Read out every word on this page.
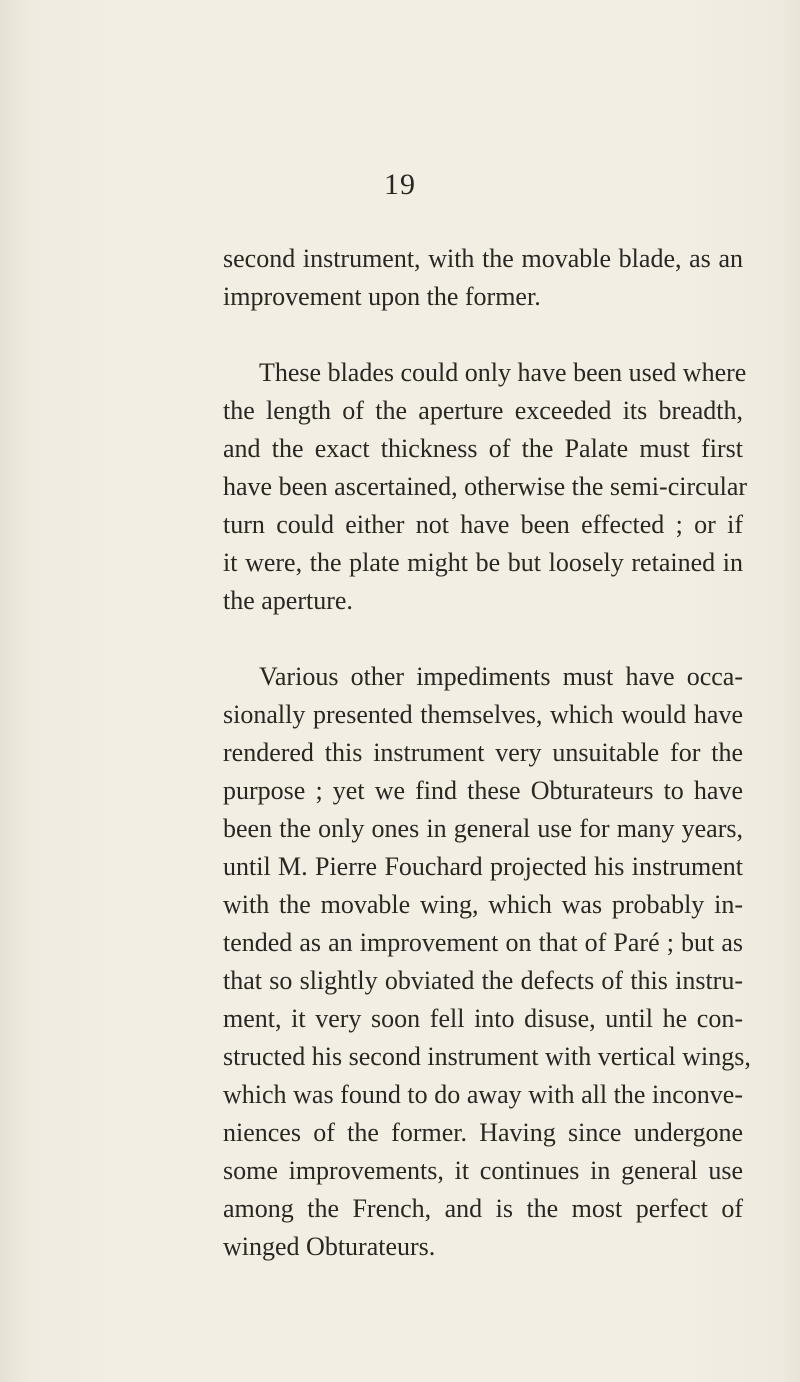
19
second instrument, with the movable blade, as an
improvement upon the former.
These blades could only have been used where
the length of the aperture exceeded its breadth,
and the exact thickness of the Palate must first
have been ascertained, otherwise the semi-circular
turn could either not have been effected ; or if
it were, the plate might be but loosely retained in
the aperture.
Various other impediments must have occa-
sionally presented themselves, which would have
rendered this instrument very unsuitable for the
purpose ; yet we find these Obturateurs to have
been the only ones in general use for many years,
until M. Pierre Fouchard projected his instrument
with the movable wing, which was probably in-
tended as an improvement on that of Paré ; but as
that so slightly obviated the defects of this instru-
ment, it very soon fell into disuse, until he con-
structed his second instrument with vertical wings,
which was found to do away with all the inconve-
niences of the former. Having since undergone
some improvements, it continues in general use
among the French, and is the most perfect of
winged Obturateurs.
